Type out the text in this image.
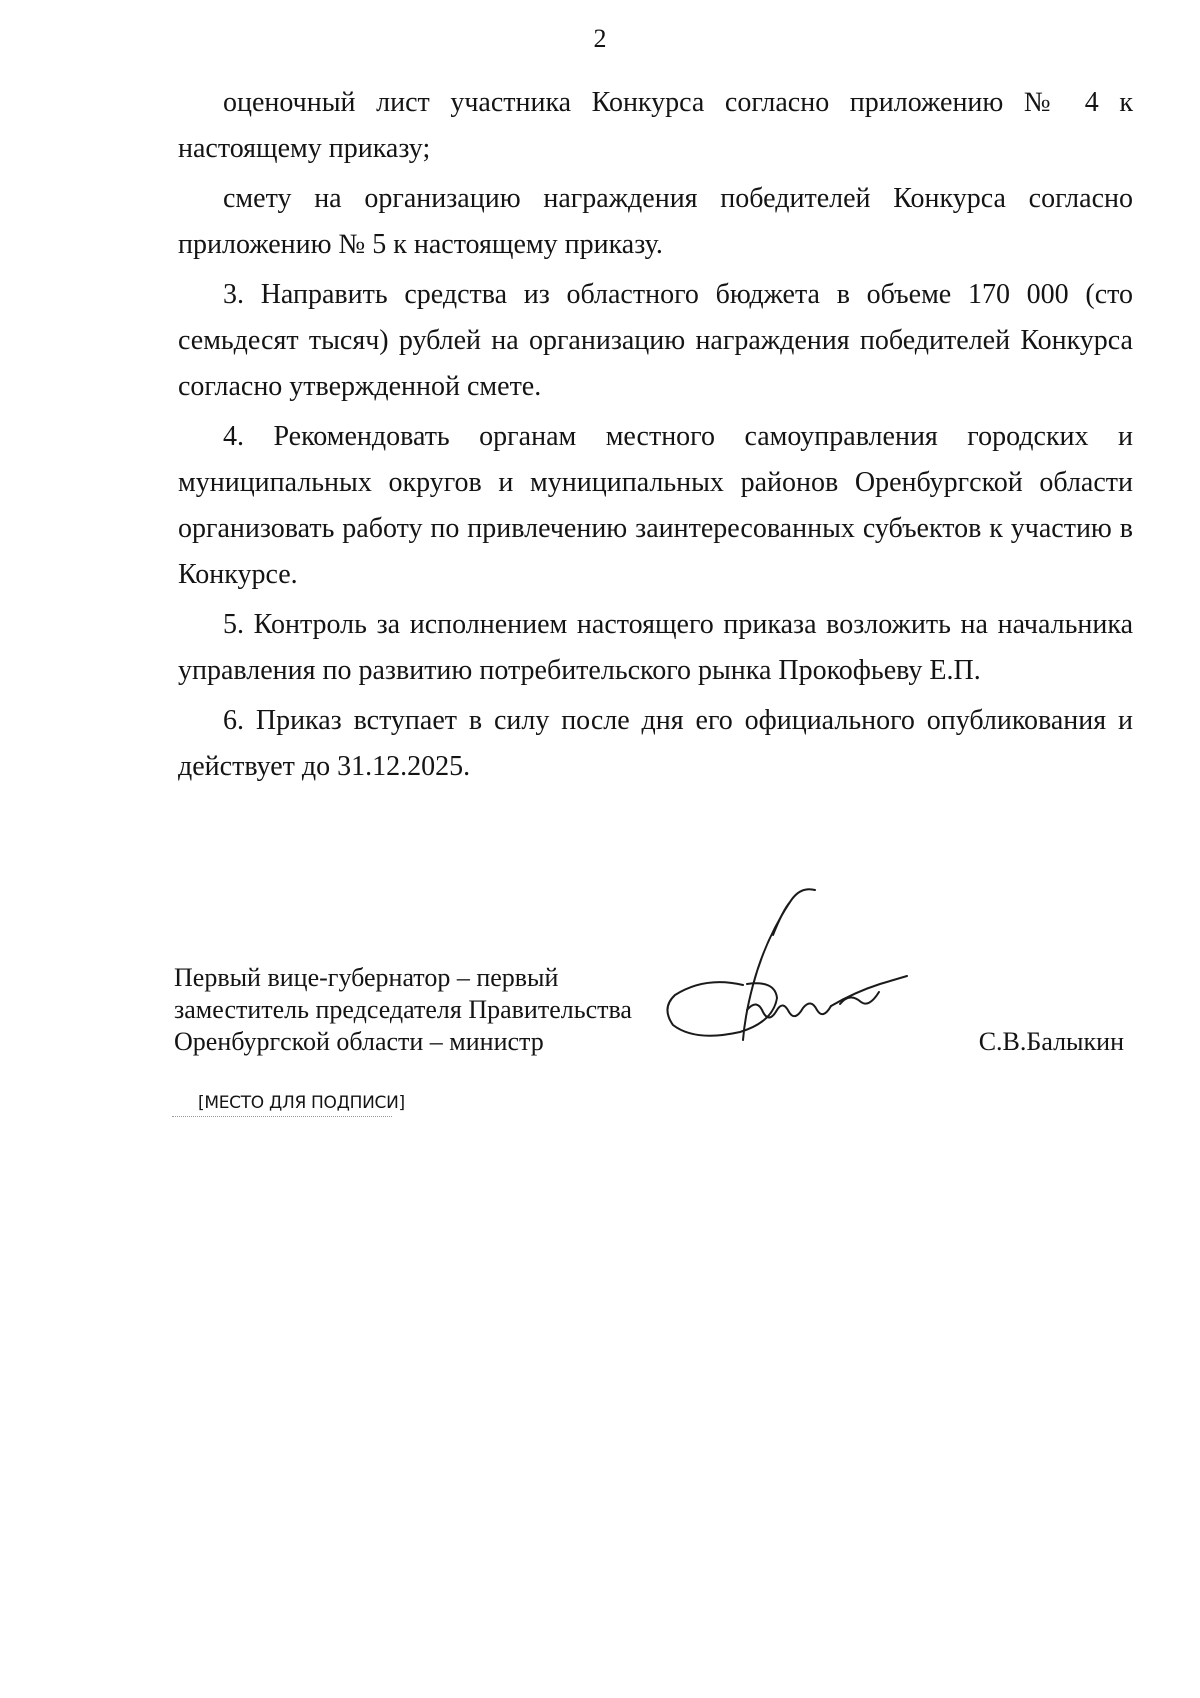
2

оценочный лист участника Конкурса согласно приложению № 4 к настоящему приказу;

смету на организацию награждения победителей Конкурса согласно приложению № 5 к настоящему приказу.

3. Направить средства из областного бюджета в объеме 170 000 (сто семьдесят тысяч) рублей на организацию награждения победителей Конкурса согласно утвержденной смете.

4. Рекомендовать органам местного самоуправления городских и муниципальных округов и муниципальных районов Оренбургской области организовать работу по привлечению заинтересованных субъектов к участию в Конкурсе.

5. Контроль за исполнением настоящего приказа возложить на начальника управления по развитию потребительского рынка Прокофьеву Е.П.

6. Приказ вступает в силу после дня его официального опубликования и действует до 31.12.2025.

Первый вице-губернатор – первый
заместитель председателя Правительства
Оренбургской области – министр	С.В.Балыкин
[МЕСТО ДЛЯ ПОДПИСИ]
